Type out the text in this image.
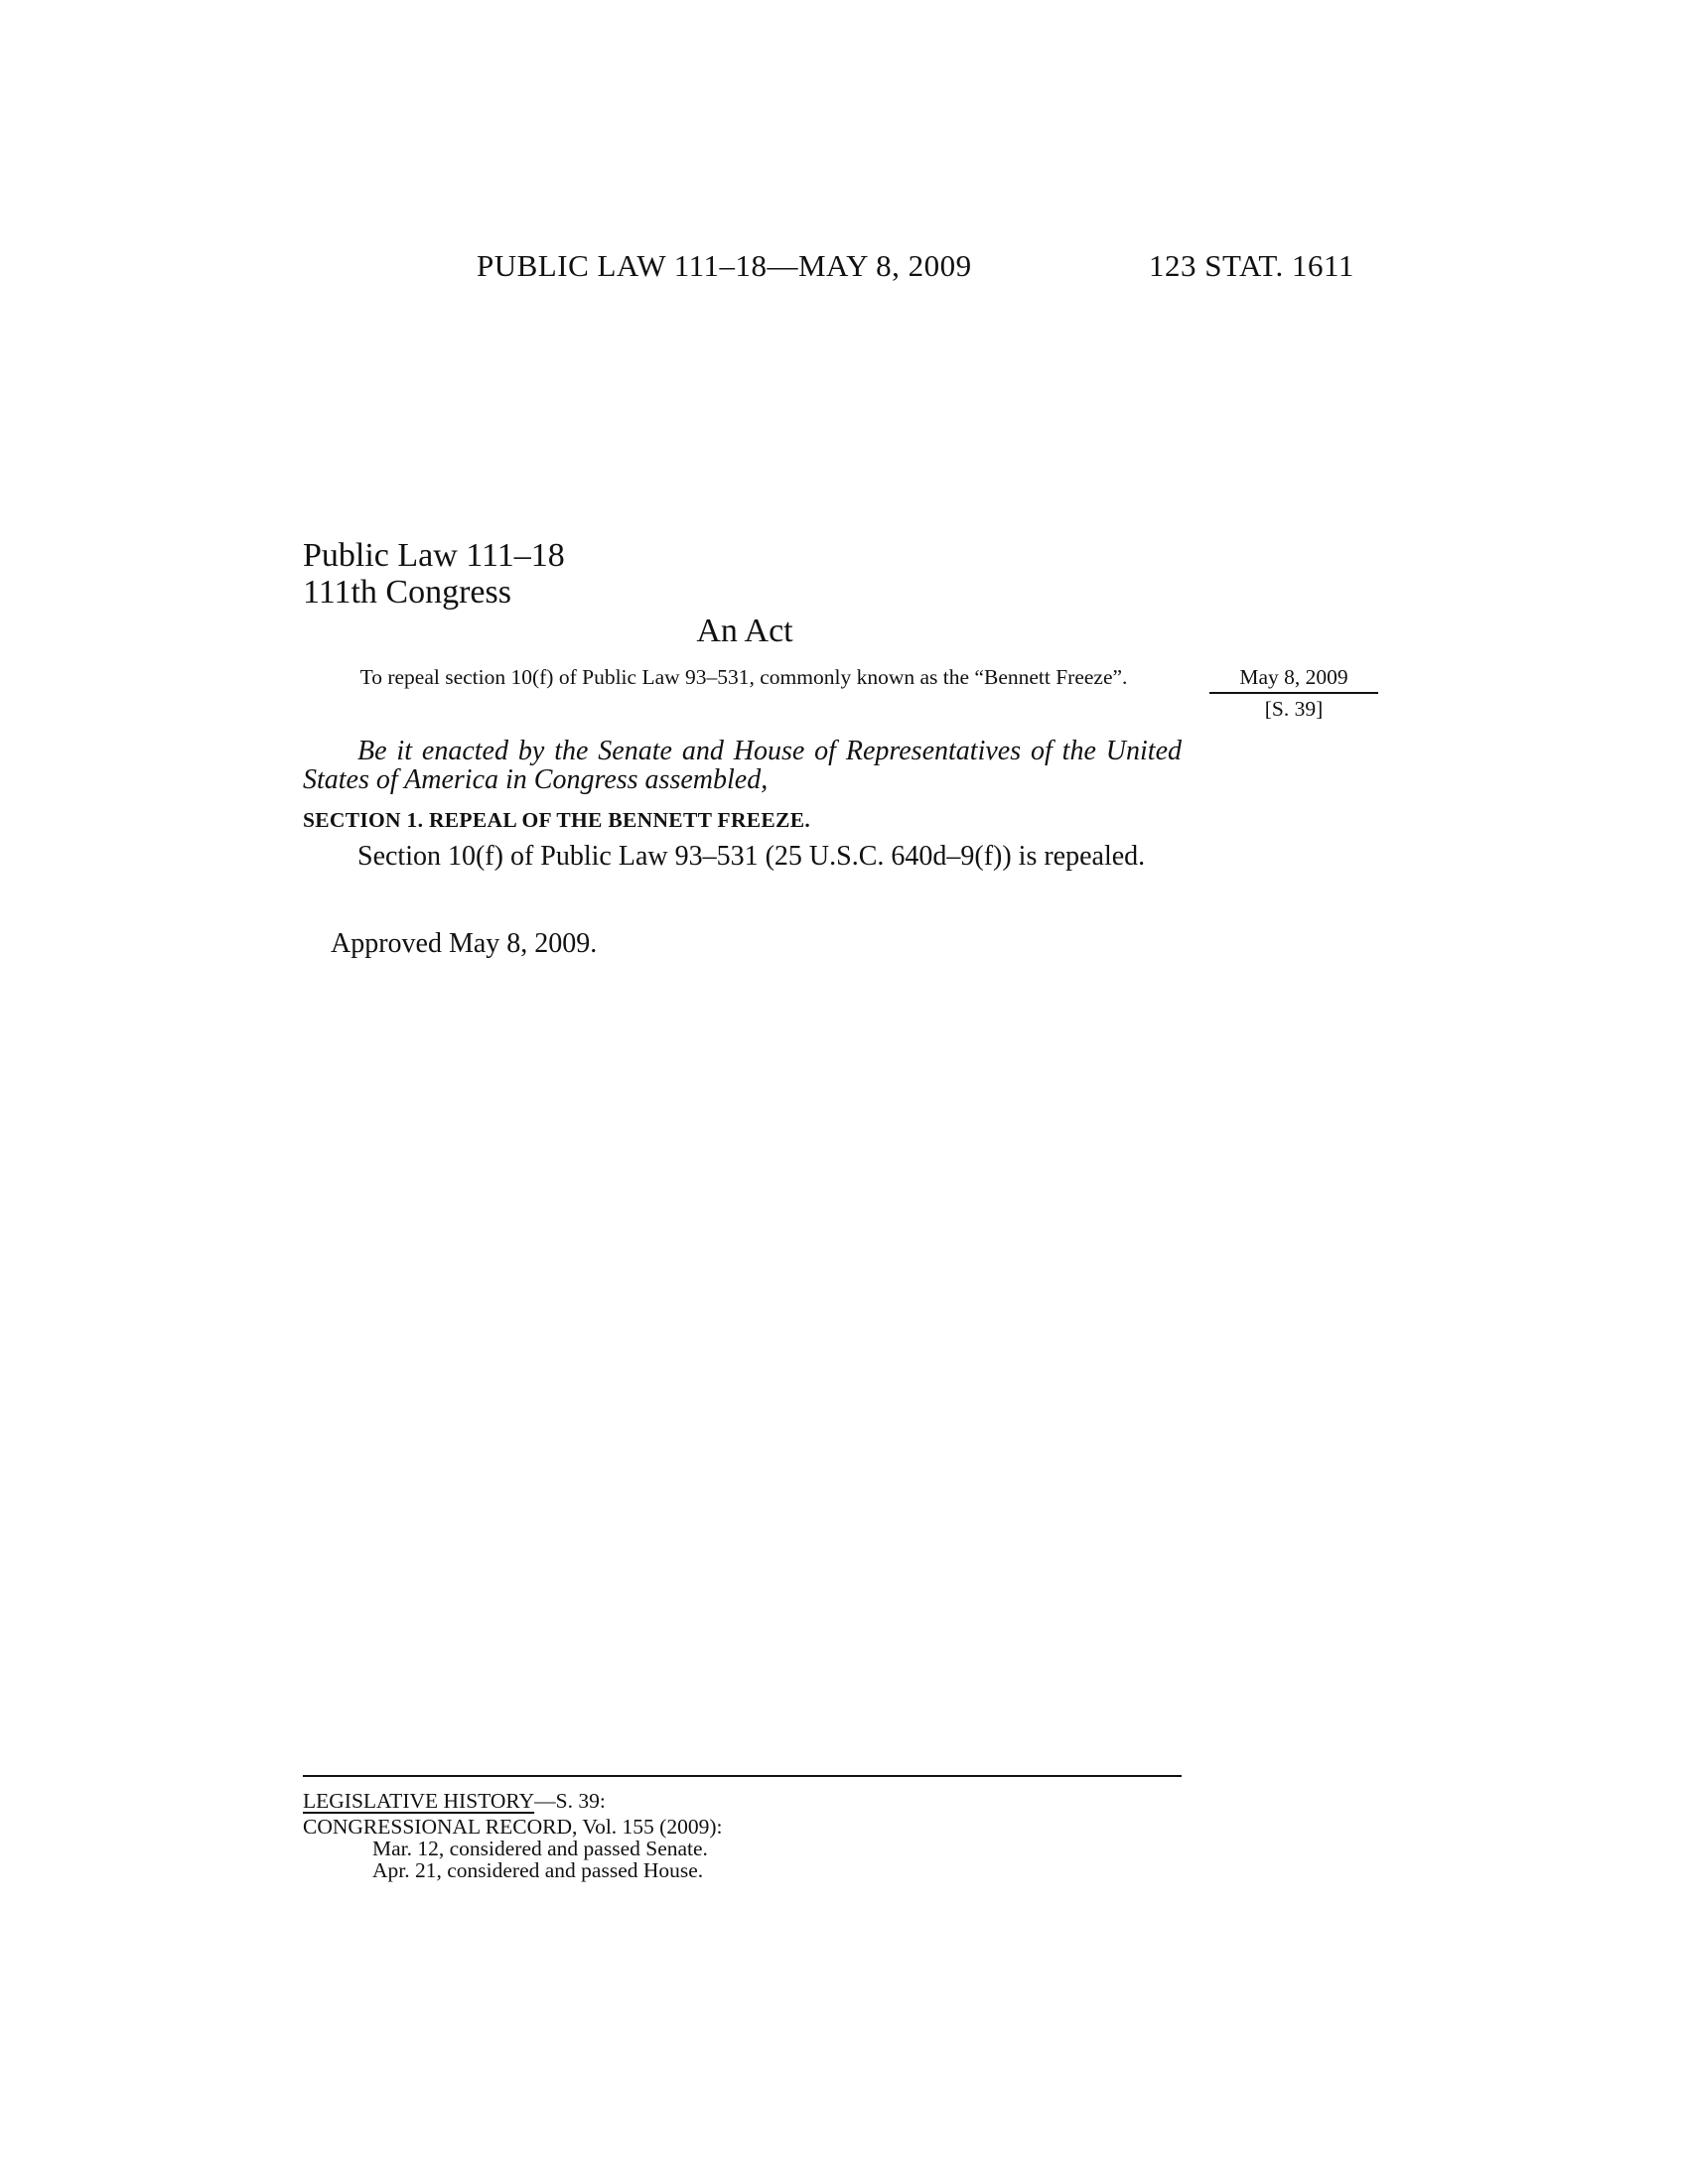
PUBLIC LAW 111–18—MAY 8, 2009	123 STAT. 1611
Public Law 111–18
111th Congress
An Act
To repeal section 10(f) of Public Law 93–531, commonly known as the “Bennett Freeze”.	May 8, 2009
[S. 39]
Be it enacted by the Senate and House of Representatives of the United States of America in Congress assembled,
SECTION 1. REPEAL OF THE BENNETT FREEZE.
Section 10(f) of Public Law 93–531 (25 U.S.C. 640d–9(f)) is repealed.
Approved May 8, 2009.
LEGISLATIVE HISTORY—S. 39:
CONGRESSIONAL RECORD, Vol. 155 (2009):
Mar. 12, considered and passed Senate.
Apr. 21, considered and passed House.
